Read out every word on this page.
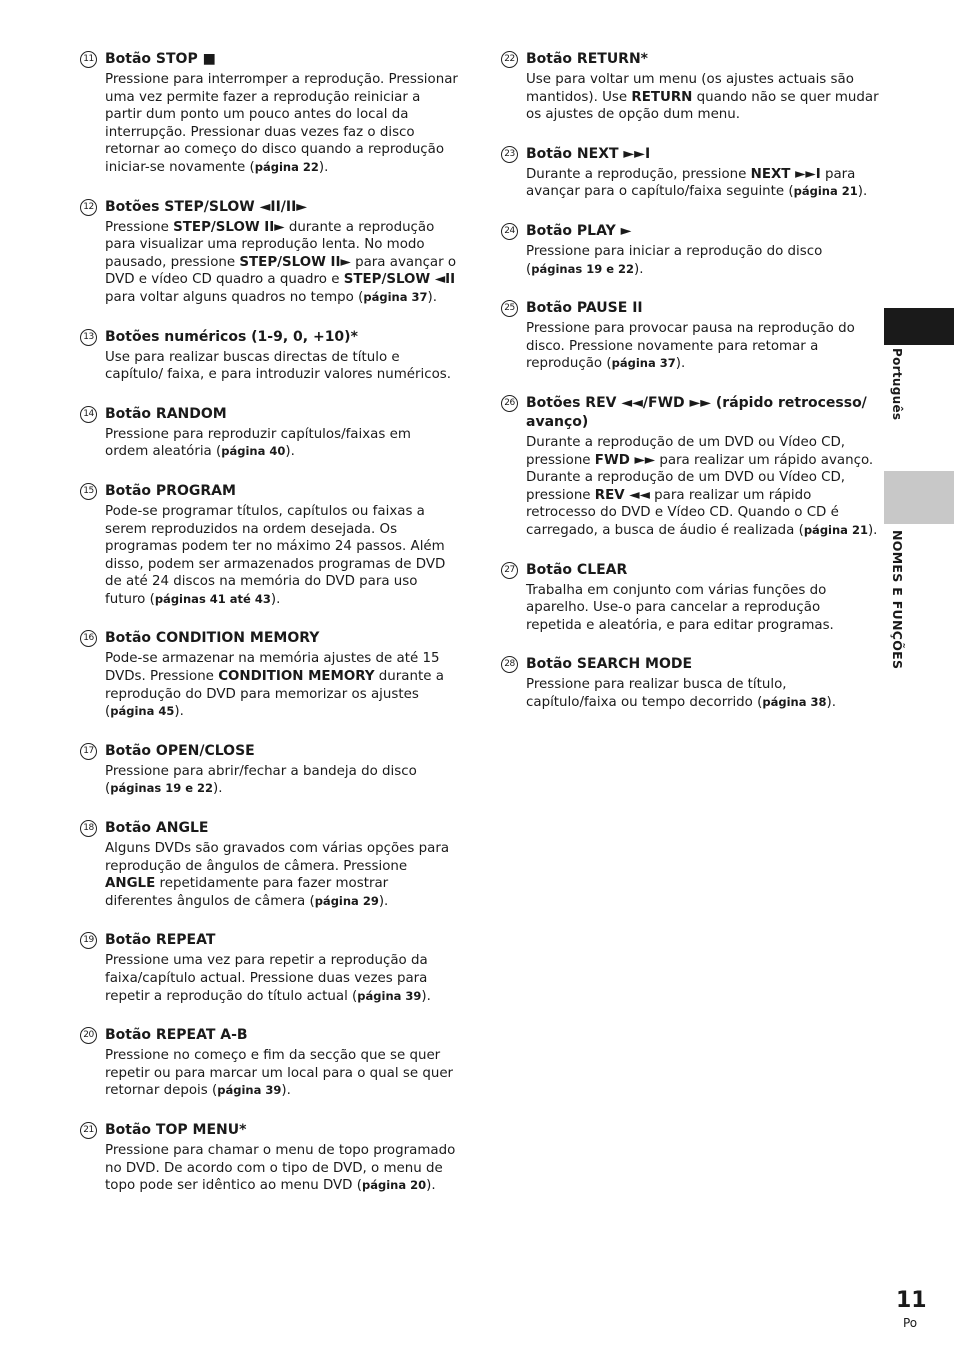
11 Botão STOP ■
Pressione para interromper a reprodução. Pressionar uma vez permite fazer a reprodução reiniciar a partir dum ponto um pouco antes do local da interrupção. Pressionar duas vezes faz o disco retornar ao começo do disco quando a reprodução iniciar-se novamente (página 22).
12 Botões STEP/SLOW ◄II/II►
Pressione STEP/SLOW II► durante a reprodução para visualizar uma reprodução lenta. No modo pausado, pressione STEP/SLOW II► para avançar o DVD e vídeo CD quadro a quadro e STEP/SLOW ◄II para voltar alguns quadros no tempo (página 37).
13 Botões numéricos (1-9, 0, +10)*
Use para realizar buscas directas de título e capítulo/ faixa, e para introduzir valores numéricos.
14 Botão RANDOM
Pressione para reproduzir capítulos/faixas em ordem aleatória (página 40).
15 Botão PROGRAM
Pode-se programar títulos, capítulos ou faixas a serem reproduzidos na ordem desejada. Os programas podem ter no máximo 24 passos. Além disso, podem ser armazenados programas de DVD de até 24 discos na memória do DVD para uso futuro (páginas 41 até 43).
16 Botão CONDITION MEMORY
Pode-se armazenar na memória ajustes de até 15 DVDs. Pressione CONDITION MEMORY durante a reprodução do DVD para memorizar os ajustes (página 45).
17 Botão OPEN/CLOSE
Pressione para abrir/fechar a bandeja do disco (páginas 19 e 22).
18 Botão ANGLE
Alguns DVDs são gravados com várias opções para reprodução de ângulos de câmera. Pressione ANGLE repetidamente para fazer mostrar diferentes ângulos de câmera (página 29).
19 Botão REPEAT
Pressione uma vez para repetir a reprodução da faixa/capítulo actual. Pressione duas vezes para repetir a reprodução do título actual (página 39).
20 Botão REPEAT A-B
Pressione no começo e fim da secção que se quer repetir ou para marcar um local para o qual se quer retornar depois (página 39).
21 Botão TOP MENU*
Pressione para chamar o menu de topo programado no DVD. De acordo com o tipo de DVD, o menu de topo pode ser idêntico ao menu DVD (página 20).
22 Botão RETURN*
Use para voltar um menu (os ajustes actuais são mantidos). Use RETURN quando não se quer mudar os ajustes de opção dum menu.
23 Botão NEXT ►►I
Durante a reprodução, pressione NEXT ►►I para avançar para o capítulo/faixa seguinte (página 21).
24 Botão PLAY ►
Pressione para iniciar a reprodução do disco (páginas 19 e 22).
25 Botão PAUSE II
Pressione para provocar pausa na reprodução do disco. Pressione novamente para retomar a reprodução (página 37).
26 Botões REV ◄◄/FWD ►► (rápido retrocesso/ avanço)
Durante a reprodução de um DVD ou Vídeo CD, pressione FWD ►► para realizar um rápido avanço. Durante a reprodução de um DVD ou Vídeo CD, pressione REV ◄◄ para realizar um rápido retrocesso do DVD e Vídeo CD. Quando o CD é carregado, a busca de áudio é realizada (página 21).
27 Botão CLEAR
Trabalha em conjunto com várias funções do aparelho. Use-o para cancelar a reprodução repetida e aleatória, e para editar programas.
28 Botão SEARCH MODE
Pressione para realizar busca de título, capítulo/faixa ou tempo decorrido (página 38).
Português
NOMES E FUNÇÕES
11
Po
